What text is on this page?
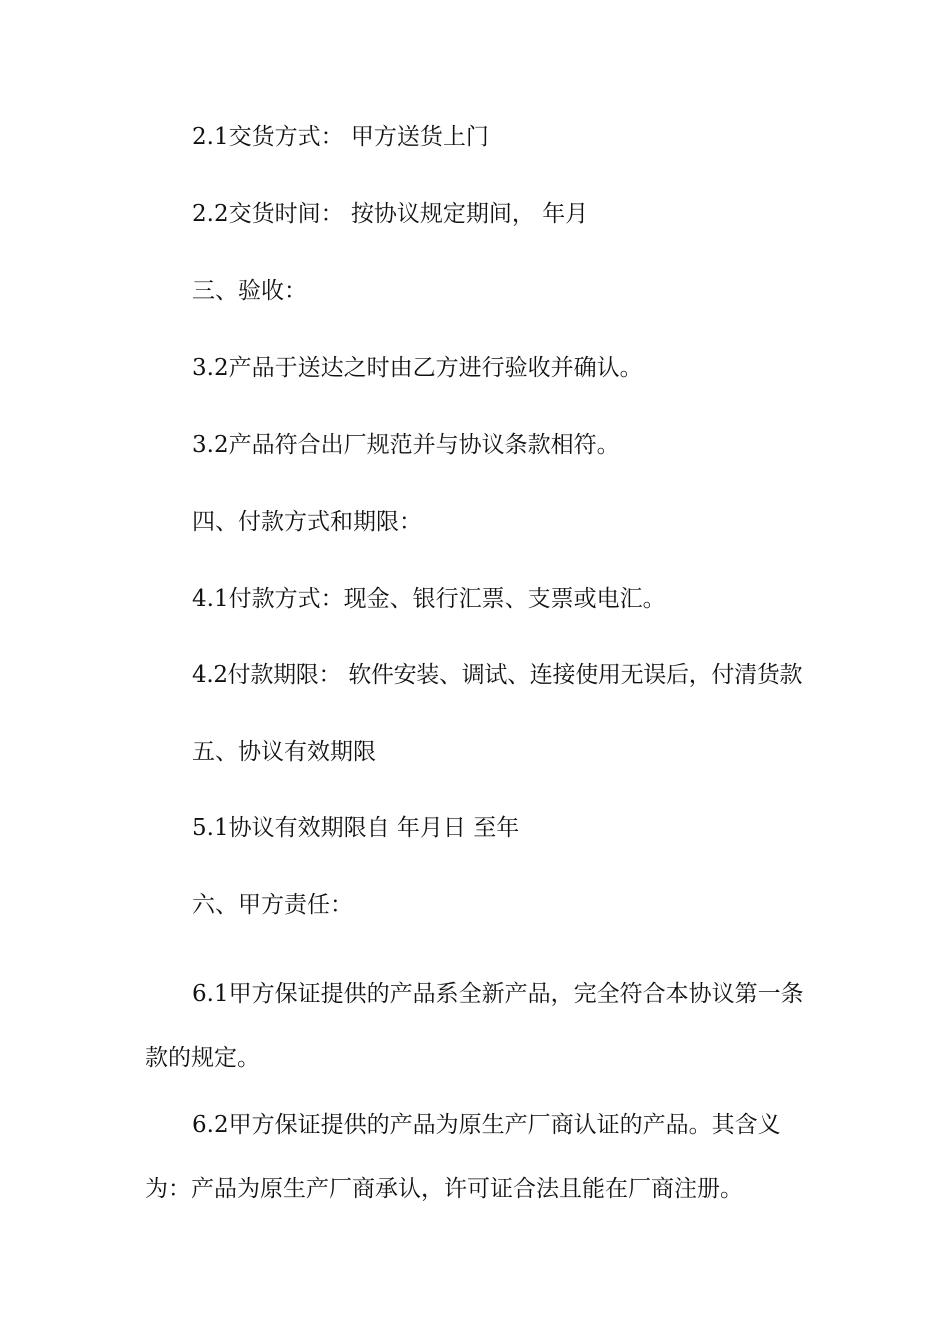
2.1交货方式： 甲方送货上门

2.2交货时间： 按协议规定期间， 年月

三、验收：

3.2产品于送达之时由乙方进行验收并确认。

3.2产品符合出厂规范并与协议条款相符。

四、付款方式和期限：

4.1付款方式：现金、银行汇票、支票或电汇。

4.2付款期限： 软件安装、调试、连接使用无误后，付清货款

五、协议有效期限

5.1协议有效期限自 年月日 至年

六、甲方责任：

6.1甲方保证提供的产品系全新产品，完全符合本协议第一条款的规定。

6.2甲方保证提供的产品为原生产厂商认证的产品。其含义为：产品为原生产厂商承认，许可证合法且能在厂商注册。
